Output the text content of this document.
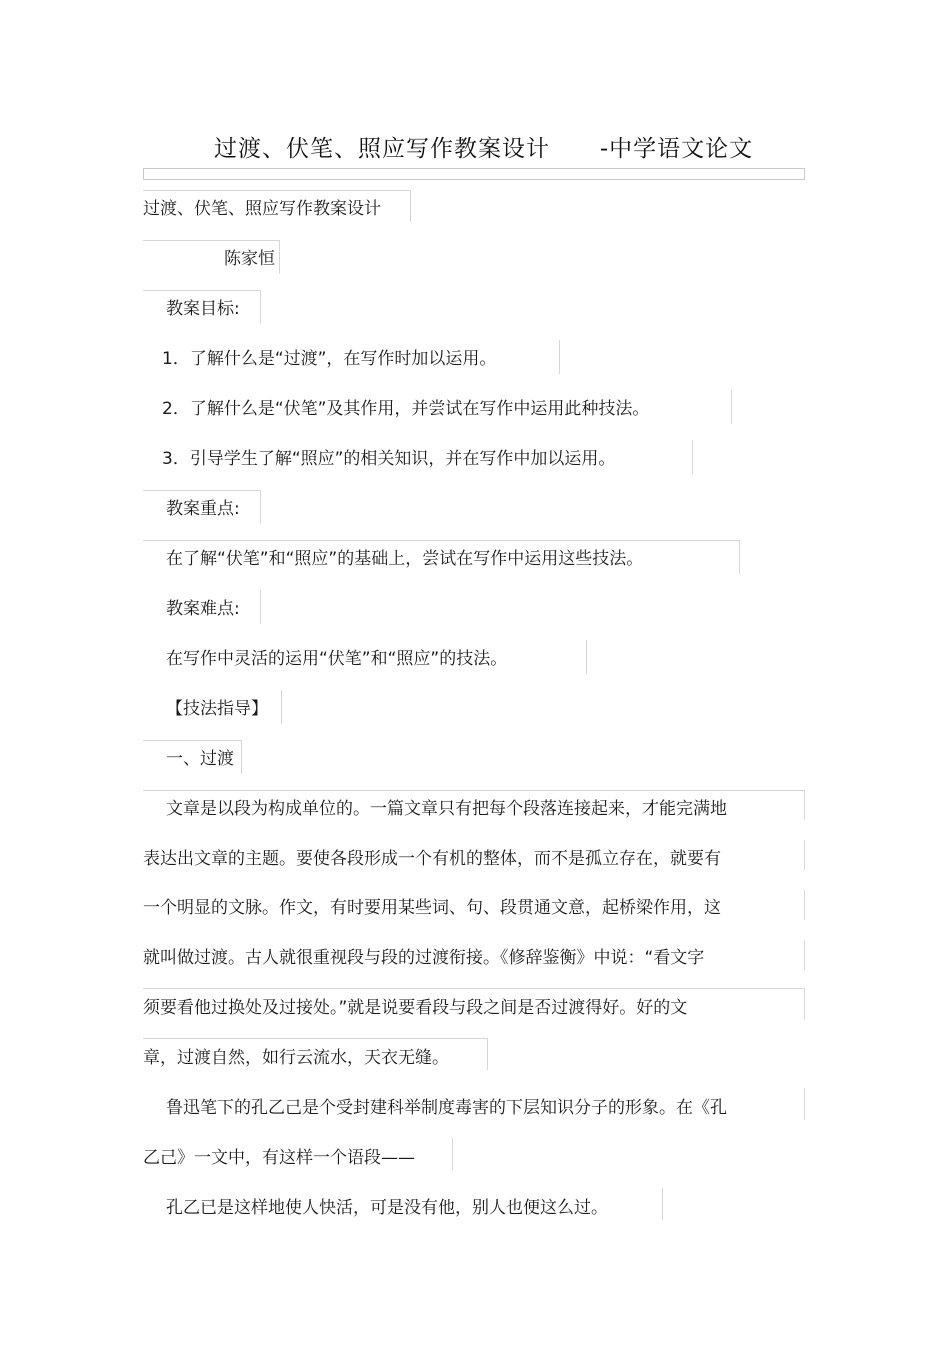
过渡、伏笔、照应写作教案设计      -中学语文论文

过渡、伏笔、照应写作教案设计

陈家恒

教案目标:

1．了解什么是“过渡”，在写作时加以运用。

2．了解什么是“伏笔”及其作用，并尝试在写作中运用此种技法。

3．引导学生了解“照应”的相关知识，并在写作中加以运用。

教案重点:

在了解“伏笔”和“照应”的基础上，尝试在写作中运用这些技法。

教案难点:

在写作中灵活的运用“伏笔”和“照应”的技法。

【技法指导】

一、过渡

文章是以段为构成单位的。一篇文章只有把每个段落连接起来，才能完满地

表达出文章的主题。要使各段形成一个有机的整体，而不是孤立存在，就要有

一个明显的文脉。作文，有时要用某些词、句、段贯通文意，起桥梁作用，这

就叫做过渡。古人就很重视段与段的过渡衔接。《修辞鉴衡》中说：“看文字

须要看他过换处及过接处。”就是说要看段与段之间是否过渡得好。好的文

章，过渡自然，如行云流水，天衣无缝。

鲁迅笔下的孔乙己是个受封建科举制度毒害的下层知识分子的形象。在《孔

乙己》一文中，有这样一个语段——

孔乙已是这样地使人快活，可是没有他，别人也便这么过。
